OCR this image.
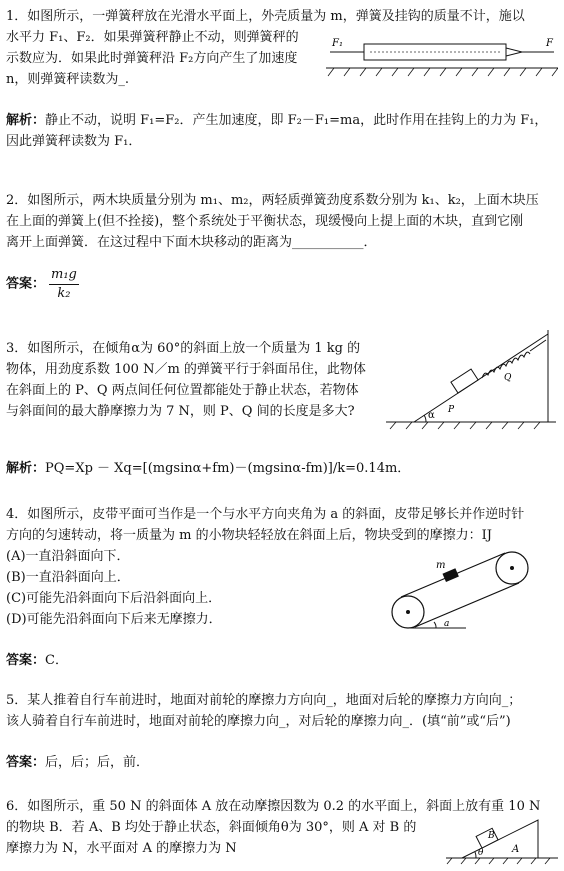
1．如图所示，一弹簧秤放在光滑水平面上，外壳质量为 m，弹簧及挂钩的质量不计，施以
水平力 F₁、F₂．如果弹簧秤静止不动，则弹簧秤的
示数应为．如果此时弹簧秤沿 F₂方向产生了加速度
n，则弹簧秤读数为_.
F₁	F
解析：静止不动，说明 F₁=F₂．产生加速度，即 F₂－F₁=ma，此时作用在挂钩上的力为 F₁，
因此弹簧秤读数为 F₁．
2．如图所示，两木块质量分别为 m₁、m₂，两轻质弹簧劲度系数分别为 k₁、k₂，上面木块压
在上面的弹簧上(但不拴接)，整个系统处于平衡状态，现缓慢向上提上面的木块，直到它刚
离开上面弹簧．在这过程中下面木块移动的距离为___________．
答案： $\frac{\text{m₁g}}{\text{k₂}}$
3．如图所示，在倾角α为 60°的斜面上放一个质量为 1 kg 的
物体，用劲度系数 100 N／m 的弹簧平行于斜面吊住，此物体
在斜面上的 P、Q 两点间任何位置都能处于静止状态，若物体
与斜面间的最大静摩擦力为 7 N，则 P、Q 间的长度是多大?	α P
Q
解析：PQ=Xp － Xq=[(mgsinα+fm)－(mgsinα-fm)]/k=0.14m．
4．如图所示，皮带平面可当作是一个与水平方向夹角为 a 的斜面，皮带足够长并作逆时针
方向的匀速转动，将一质量为 m 的小物块轻轻放在斜面上后，物块受到的摩擦力：IJ
(A)一直沿斜面向下．
(B)一直沿斜面向上．
(C)可能先沿斜面向下后沿斜面向上．
(D)可能先沿斜面向下后来无摩擦力．
m
a
答案：C．
5．某人推着自行车前进时，地面对前轮的摩擦力方向向_，地面对后轮的摩擦力方向向_；
该人骑着自行车前进时，地面对前轮的摩擦力向_，对后轮的摩擦力向_．(填“前”或“后”)
答案：后，后；后，前．
6．如图所示，重 50 N 的斜面体 A 放在动摩擦因数为 0.2 的水平面上，斜面上放有重 10 N
的物块 B．若 A、B 均处于静止状态，斜面倾角θ为 30°，则 A 对 B 的
摩擦力为 N，水平面对 A 的摩擦力为 N	θ
B
A
